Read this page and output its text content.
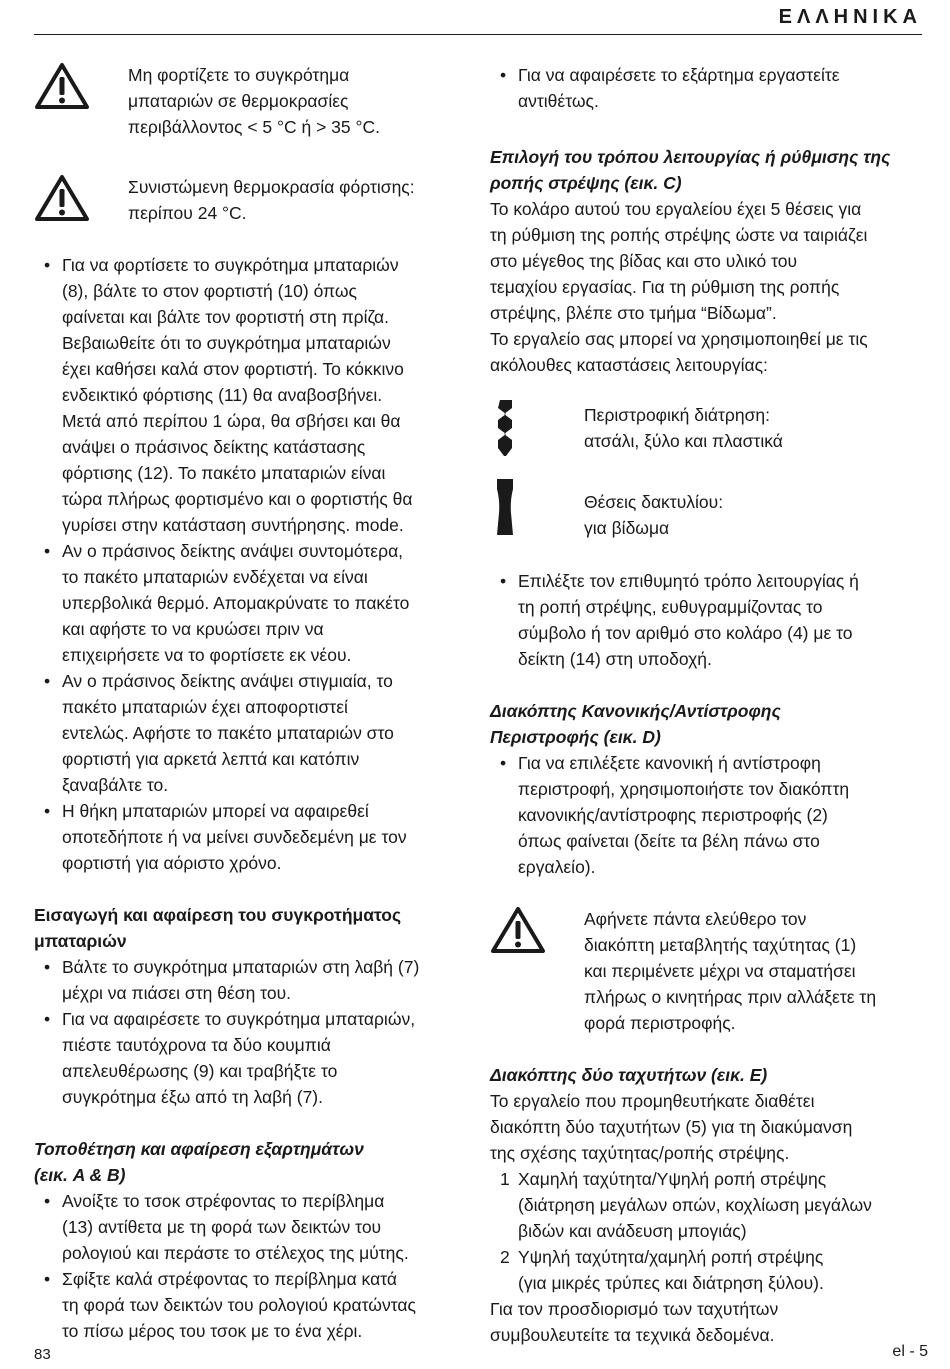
ΕΛΛΗΝΙΚΑ
Μη φορτίζετε το συγκρότημα
μπαταριών σε θερμοκρασίες
περιβάλλοντος < 5 °C ή > 35 °C.
Συνιστώμενη θερμοκρασία φόρτισης:
περίπου 24 °C.
• Για να φορτίσετε το συγκρότημα μπαταριών
(8), βάλτε το στον φορτιστή (10) όπως
φαίνεται και βάλτε τον φορτιστή στη πρίζα.
Βεβαιωθείτε ότι το συγκρότημα μπαταριών
έχει καθήσει καλά στον φορτιστή. Το κόκκινο
ενδεικτικό φόρτισης (11) θα αναβοσβήνει.
Μετά από περίπου 1 ώρα, θα σβήσει και θα
ανάψει ο πράσινος δείκτης κατάστασης
φόρτισης (12). Το πακέτο μπαταριών είναι
τώρα πλήρως φορτισμένο και ο φορτιστής θα
γυρίσει στην κατάσταση συντήρησης. mode.
• Αν ο πράσινος δείκτης ανάψει συντομότερα,
το πακέτο μπαταριών ενδέχεται να είναι
υπερβολικά θερμό. Απομακρύνατε το πακέτο
και αφήστε το να κρυώσει πριν να
επιχειρήσετε να το φορτίσετε εκ νέου.
• Αν ο πράσινος δείκτης ανάψει στιγμιαία, το
πακέτο μπαταριών έχει αποφορτιστεί
εντελώς. Αφήστε το πακέτο μπαταριών στο
φορτιστή για αρκετά λεπτά και κατόπιν
ξαναβάλτε το.
• Η θήκη μπαταριών μπορεί να αφαιρεθεί
οποτεδήποτε ή να μείνει συνδεδεμένη με τον
φορτιστή για αόριστο χρόνο.
Εισαγωγή και αφαίρεση του συγκροτήματος
μπαταριών
• Βάλτε το συγκρότημα μπαταριών στη λαβή (7)
μέχρι να πιάσει στη θέση του.
• Για να αφαιρέσετε το συγκρότημα μπαταριών,
πιέστε ταυτόχρονα τα δύο κουμπιά
απελευθέρωσης (9) και τραβήξτε το
συγκρότημα έξω από τη λαβή (7).
Τοποθέτηση και αφαίρεση εξαρτημάτων
(εικ. A & B)
• Ανοίξτε το τσοκ στρέφοντας το περίβλημα
(13) αντίθετα με τη φορά των δεικτών του
ρολογιού και περάστε το στέλεχος της μύτης.
• Σφίξτε καλά στρέφοντας το περίβλημα κατά
τη φορά των δεικτών του ρολογιού κρατώντας
το πίσω μέρος του τσοκ με το ένα χέρι.
• Για να αφαιρέσετε το εξάρτημα εργαστείτε
αντιθέτως.
Επιλογή του τρόπου λειτουργίας ή ρύθμισης της
ροπής στρέψης (εικ. C)
Το κολάρο αυτού του εργαλείου έχει 5 θέσεις για
τη ρύθμιση της ροπής στρέψης ώστε να ταιριάζει
στο μέγεθος της βίδας και στο υλικό του
τεμαχίου εργασίας. Για τη ρύθμιση της ροπής
στρέψης, βλέπε στο τμήμα “Βίδωμα”.
Το εργαλείο σας μπορεί να χρησιμοποιηθεί με τις
ακόλουθες καταστάσεις λειτουργίας:
Περιστροφική διάτρηση:
ατσάλι, ξύλο και πλαστικά
Θέσεις δακτυλίου:
για βίδωμα
• Επιλέξτε τον επιθυμητό τρόπο λειτουργίας ή
τη ροπή στρέψης, ευθυγραμμίζοντας το
σύμβολο ή τον αριθμό στο κολάρο (4) με το
δείκτη (14) στη υποδοχή.
Διακόπτης Κανονικής/Αντίστροφης
Περιστροφής (εικ. D)
• Για να επιλέξετε κανονική ή αντίστροφη
περιστροφή, χρησιμοποιήστε τον διακόπτη
κανονικής/αντίστροφης περιστροφής (2)
όπως φαίνεται (δείτε τα βέλη πάνω στο
εργαλείο).
Αφήνετε πάντα ελεύθερο τον
διακόπτη μεταβλητής ταχύτητας (1)
και περιμένετε μέχρι να σταματήσει
πλήρως ο κινητήρας πριν αλλάξετε τη
φορά περιστροφής.
Διακόπτης δύο ταχυτήτων (εικ. E)
Το εργαλείο που προμηθευτήκατε διαθέτει
διακόπτη δύο ταχυτήτων (5) για τη διακύμανση
της σχέσης ταχύτητας/ροπής στρέψης.
1 Χαμηλή ταχύτητα/Υψηλή ροπή στρέψης
(διάτρηση μεγάλων οπών, κοχλίωση μεγάλων
βιδών και ανάδευση μπογιάς)
2 Υψηλή ταχύτητα/χαμηλή ροπή στρέψης
(για μικρές τρύπες και διάτρηση ξύλου).
Για τον προσδιορισμό των ταχυτήτων
συμβουλευτείτε τα τεχνικά δεδομένα.
83	el - 5
